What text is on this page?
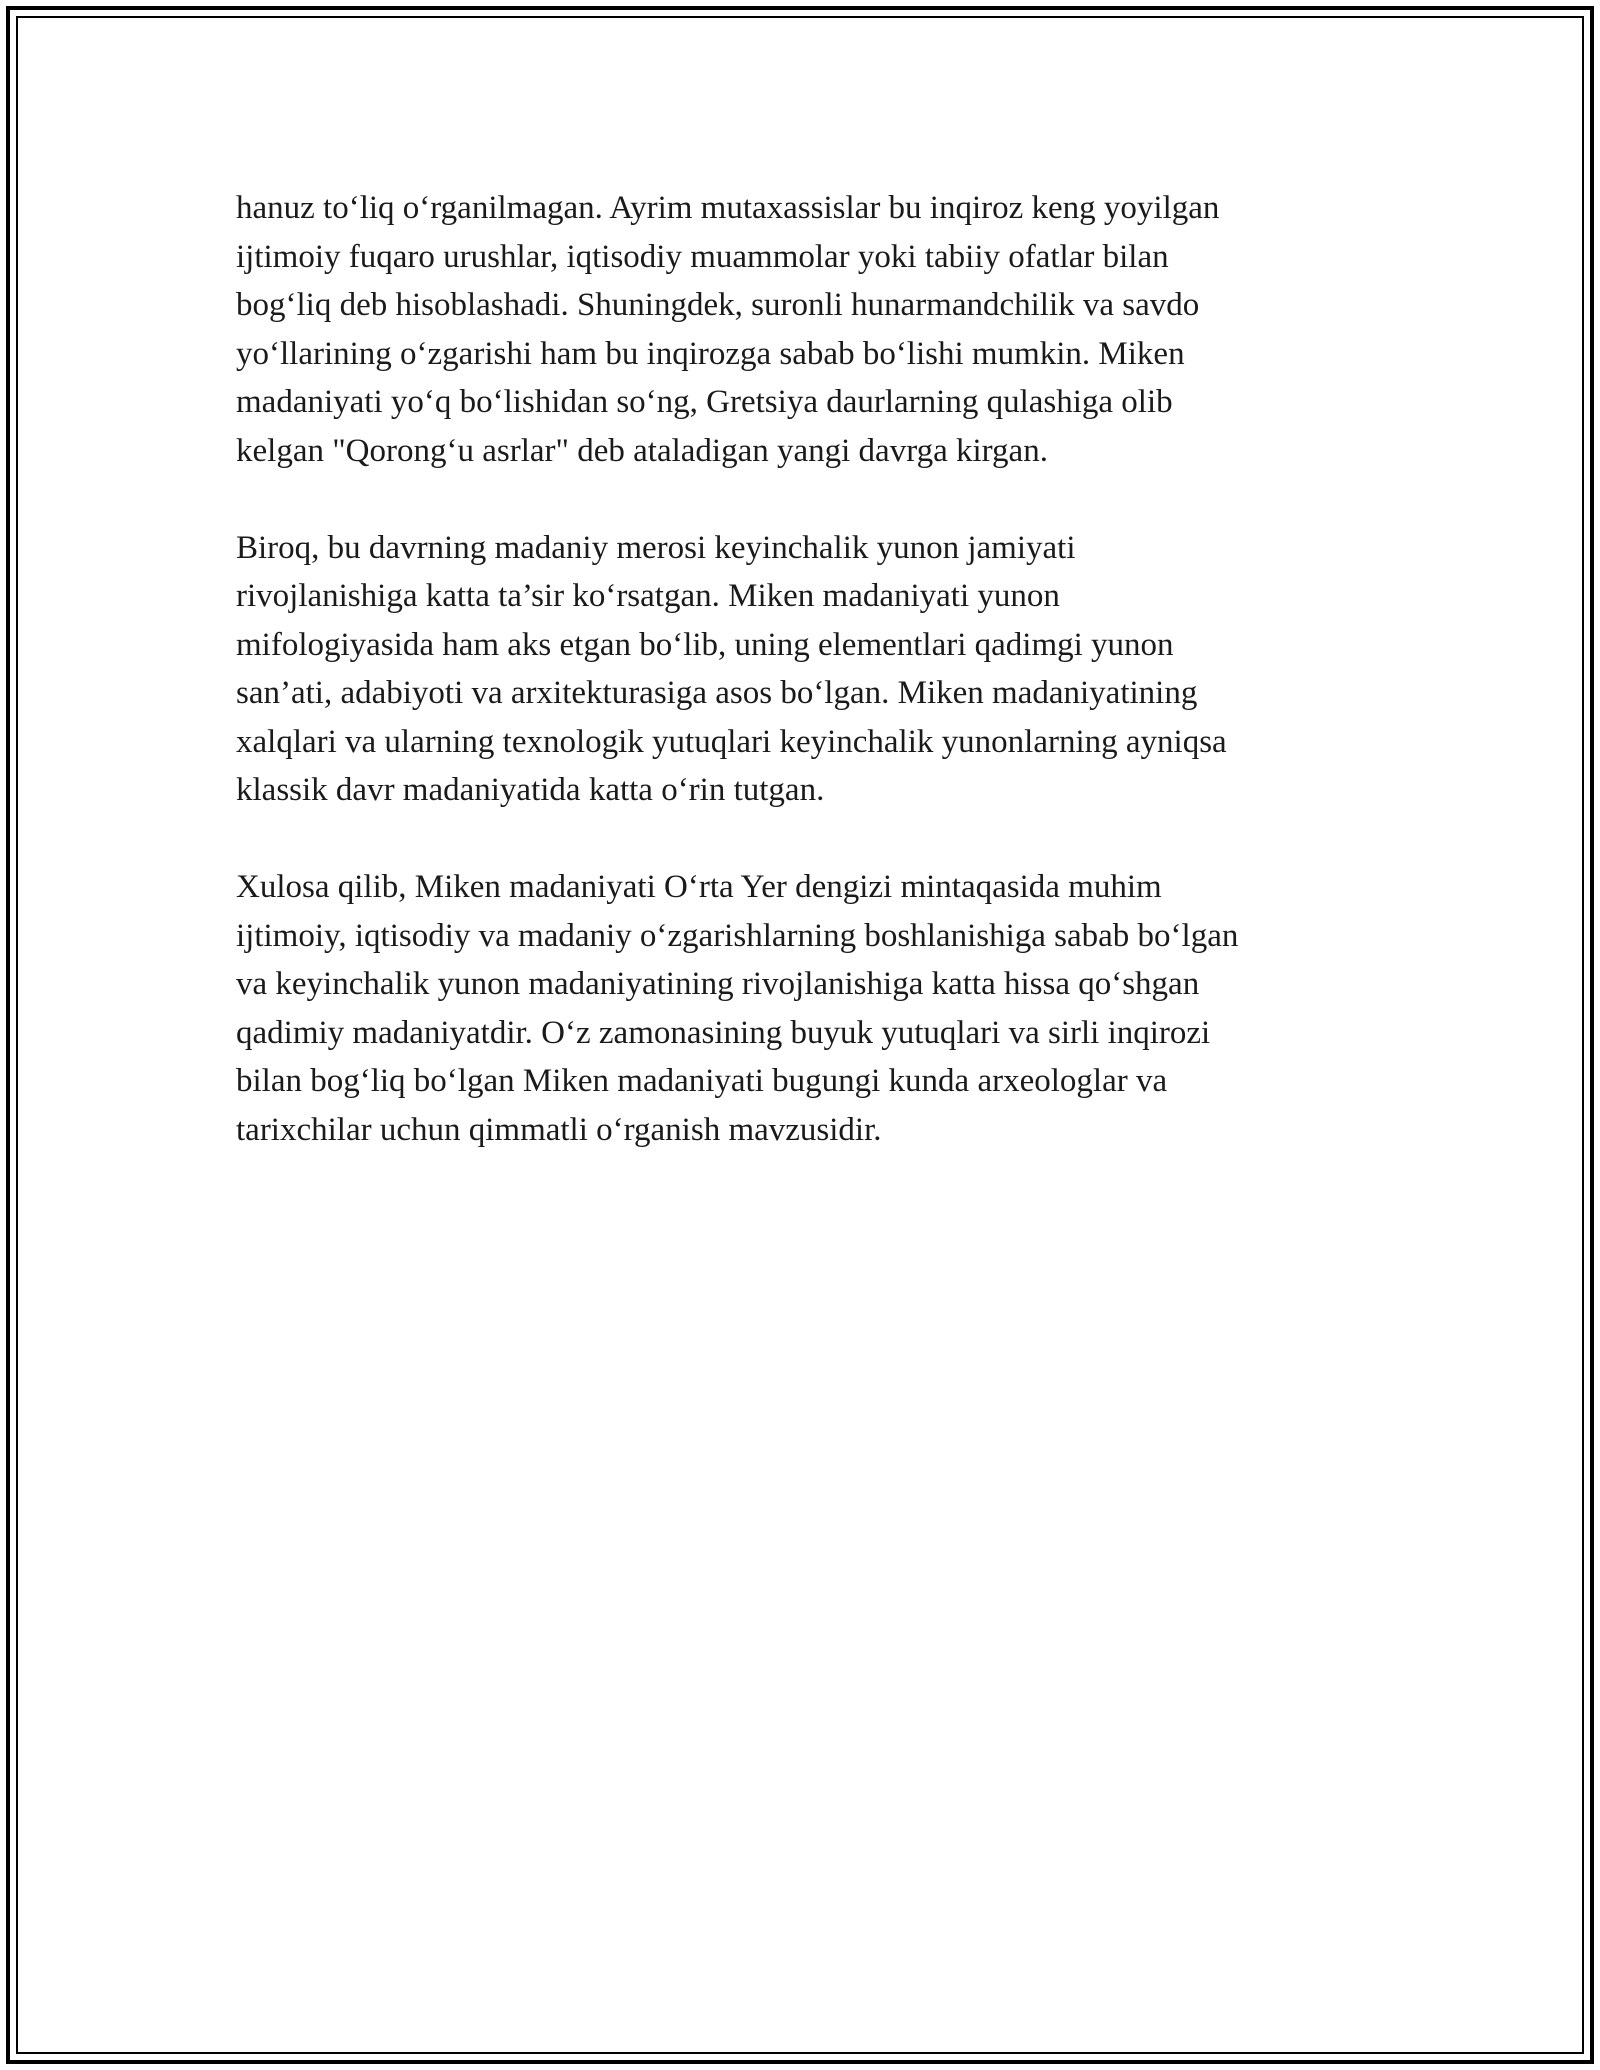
hanuz to‘liq o‘rganilmagan. Ayrim mutaxassislar bu inqiroz keng yoyilgan
ijtimoiy fuqaro urushlar, iqtisodiy muammolar yoki tabiiy ofatlar bilan
bog‘liq deb hisoblashadi. Shuningdek, suronli hunarmandchilik va savdo
yo‘llarining o‘zgarishi ham bu inqirozga sabab bo‘lishi mumkin. Miken
madaniyati yo‘q bo‘lishidan so‘ng, Gretsiya daurlarning qulashiga olib
kelgan "Qorong‘u asrlar" deb ataladigan yangi davrga kirgan.

Biroq, bu davrning madaniy merosi keyinchalik yunon jamiyati
rivojlanishiga katta ta’sir ko‘rsatgan. Miken madaniyati yunon
mifologiyasida ham aks etgan bo‘lib, uning elementlari qadimgi yunon
san’ati, adabiyoti va arxitekturasiga asos bo‘lgan. Miken madaniyatining
xalqlari va ularning texnologik yutuqlari keyinchalik yunonlarning ayniqsa
klassik davr madaniyatida katta o‘rin tutgan.

Xulosa qilib, Miken madaniyati O‘rta Yer dengizi mintaqasida muhim
ijtimoiy, iqtisodiy va madaniy o‘zgarishlarning boshlanishiga sabab bo‘lgan
va keyinchalik yunon madaniyatining rivojlanishiga katta hissa qo‘shgan
qadimiy madaniyatdir. O‘z zamonasining buyuk yutuqlari va sirli inqirozi
bilan bog‘liq bo‘lgan Miken madaniyati bugungi kunda arxeologlar va
tarixchilar uchun qimmatli o‘rganish mavzusidir.
